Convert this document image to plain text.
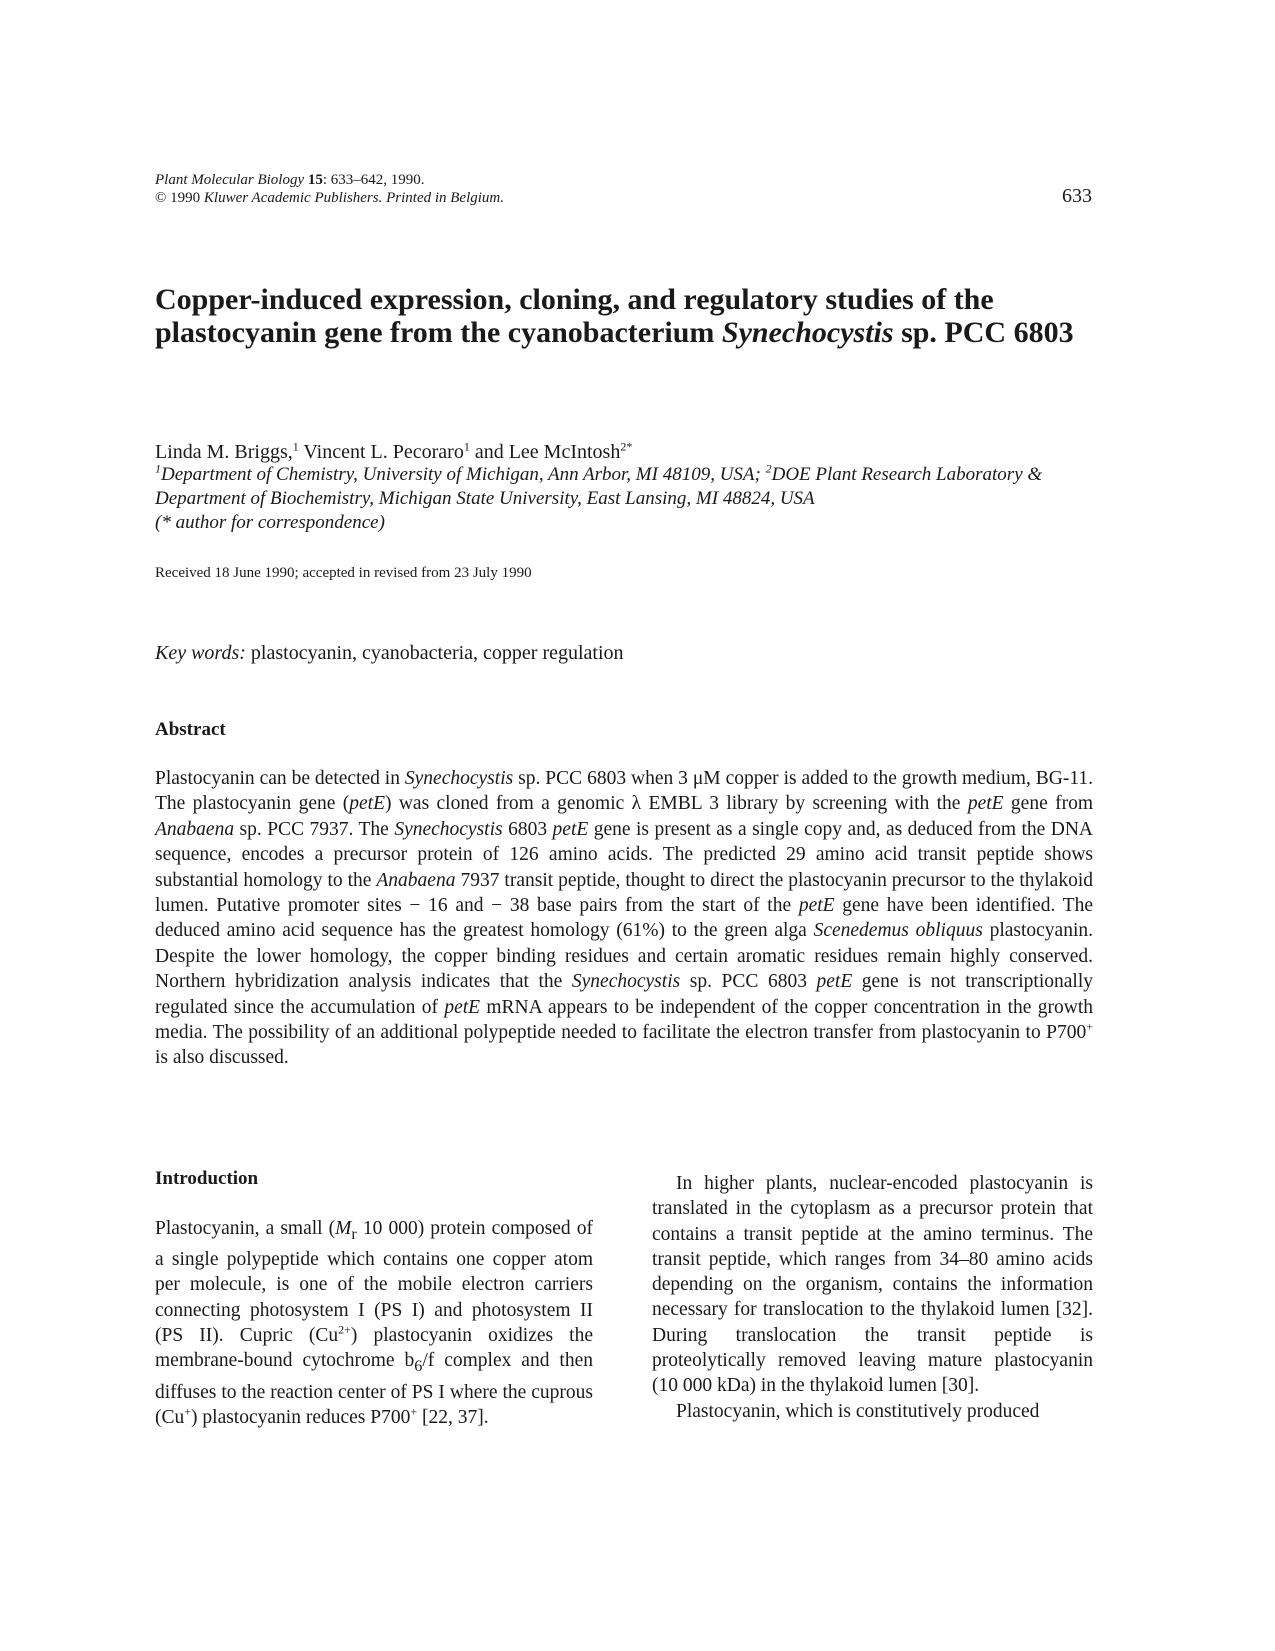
Plant Molecular Biology 15: 633–642, 1990.
© 1990 Kluwer Academic Publishers. Printed in Belgium.	633
Copper-induced expression, cloning, and regulatory studies of the plastocyanin gene from the cyanobacterium Synechocystis sp. PCC 6803
Linda M. Briggs,$^1$ Vincent L. Pecoraro$^1$ and Lee McIntosh$^{2*}$
$^1$Department of Chemistry, University of Michigan, Ann Arbor, MI 48109, USA; $^2$DOE Plant Research Laboratory & Department of Biochemistry, Michigan State University, East Lansing, MI 48824, USA
(* author for correspondence)
Received 18 June 1990; accepted in revised from 23 July 1990
Key words: plastocyanin, cyanobacteria, copper regulation
Abstract

Plastocyanin can be detected in Synechocystis sp. PCC 6803 when 3 μM copper is added to the growth medium, BG-11. The plastocyanin gene (petE) was cloned from a genomic λ EMBL 3 library by screening with the petE gene from Anabaena sp. PCC 7937. The Synechocystis 6803 petE gene is present as a single copy and, as deduced from the DNA sequence, encodes a precursor protein of 126 amino acids. The predicted 29 amino acid transit peptide shows substantial homology to the Anabaena 7937 transit peptide, thought to direct the plastocyanin precursor to the thylakoid lumen. Putative promoter sites − 16 and − 38 base pairs from the start of the petE gene have been identified. The deduced amino acid sequence has the greatest homology (61%) to the green alga Scenedemus obliquus plastocyanin. Despite the lower homology, the copper binding residues and certain aromatic residues remain highly conserved. Northern hybridization analysis indicates that the Synechocystis sp. PCC 6803 petE gene is not transcriptionally regulated since the accumulation of petE mRNA appears to be independent of the copper concentration in the growth media. The possibility of an additional polypeptide needed to facilitate the electron transfer from plastocyanin to P700+ is also discussed.

Introduction

Plastocyanin, a small ($M_r$ 10 000) protein composed of a single polypeptide which contains one copper atom per molecule, is one of the mobile electron carriers connecting photosystem I (PS I) and photosystem II (PS II). Cupric $(Cu^{2+})$ plastocyanin oxidizes the membrane-bound cytochrome $b_6/f$ complex and then diffuses to the reaction center of PS I where the cuprous (Cu+) plastocyanin reduces P700+ [22, 37].

In higher plants, nuclear-encoded plastocyanin is translated in the cytoplasm as a precursor protein that contains a transit peptide at the amino terminus. The transit peptide, which ranges from 34–80 amino acids depending on the organism, contains the information necessary for translocation to the thylakoid lumen [32]. During translocation the transit peptide is proteolytically removed leaving mature plastocyanin (10 000 kDa) in the thylakoid lumen [30].

Plastocyanin, which is constitutively produced
